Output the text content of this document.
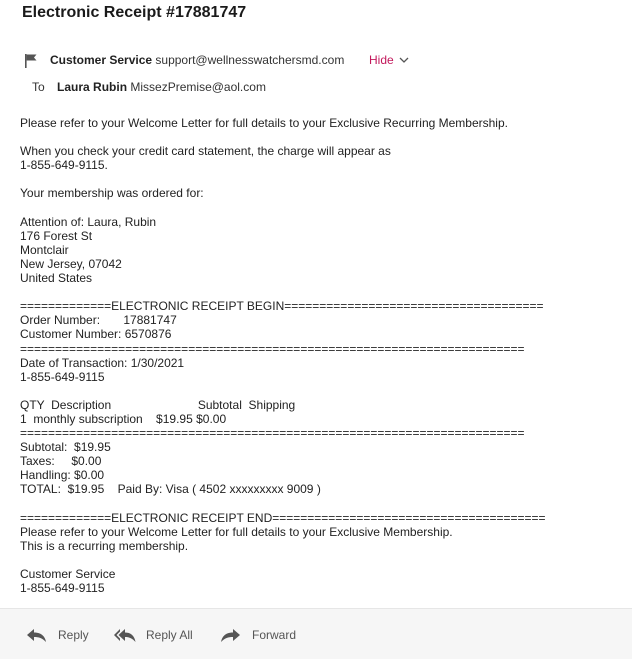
Electronic Receipt #17881747
Customer Service support@wellnesswatchersmd.com Hide
To Laura Rubin MissezPremise@aol.com
Please refer to your Welcome Letter for full details to your Exclusive Recurring Membership.
When you check your credit card statement, the charge will appear as
1-855-649-9115.
Your membership was ordered for:
Attention of: Laura, Rubin
176 Forest St
Montclair
New Jersey, 07042
United States
=============ELECTRONIC RECEIPT BEGIN=====================================
Order Number:       17881747
Customer Number: 6570876
========================================================================
Date of Transaction: 1/30/2021
1-855-649-9115
QTY  Description                          Subtotal  Shipping
1  monthly subscription    $19.95 $0.00
========================================================================
Subtotal:  $19.95
Taxes:     $0.00
Handling: $0.00
TOTAL:  $19.95    Paid By: Visa ( 4502 xxxxxxxxx 9009 )
=============ELECTRONIC RECEIPT END=======================================
Please refer to your Welcome Letter for full details to your Exclusive Membership.
This is a recurring membership.
Customer Service
1-855-649-9115
Reply	Reply All	Forward
